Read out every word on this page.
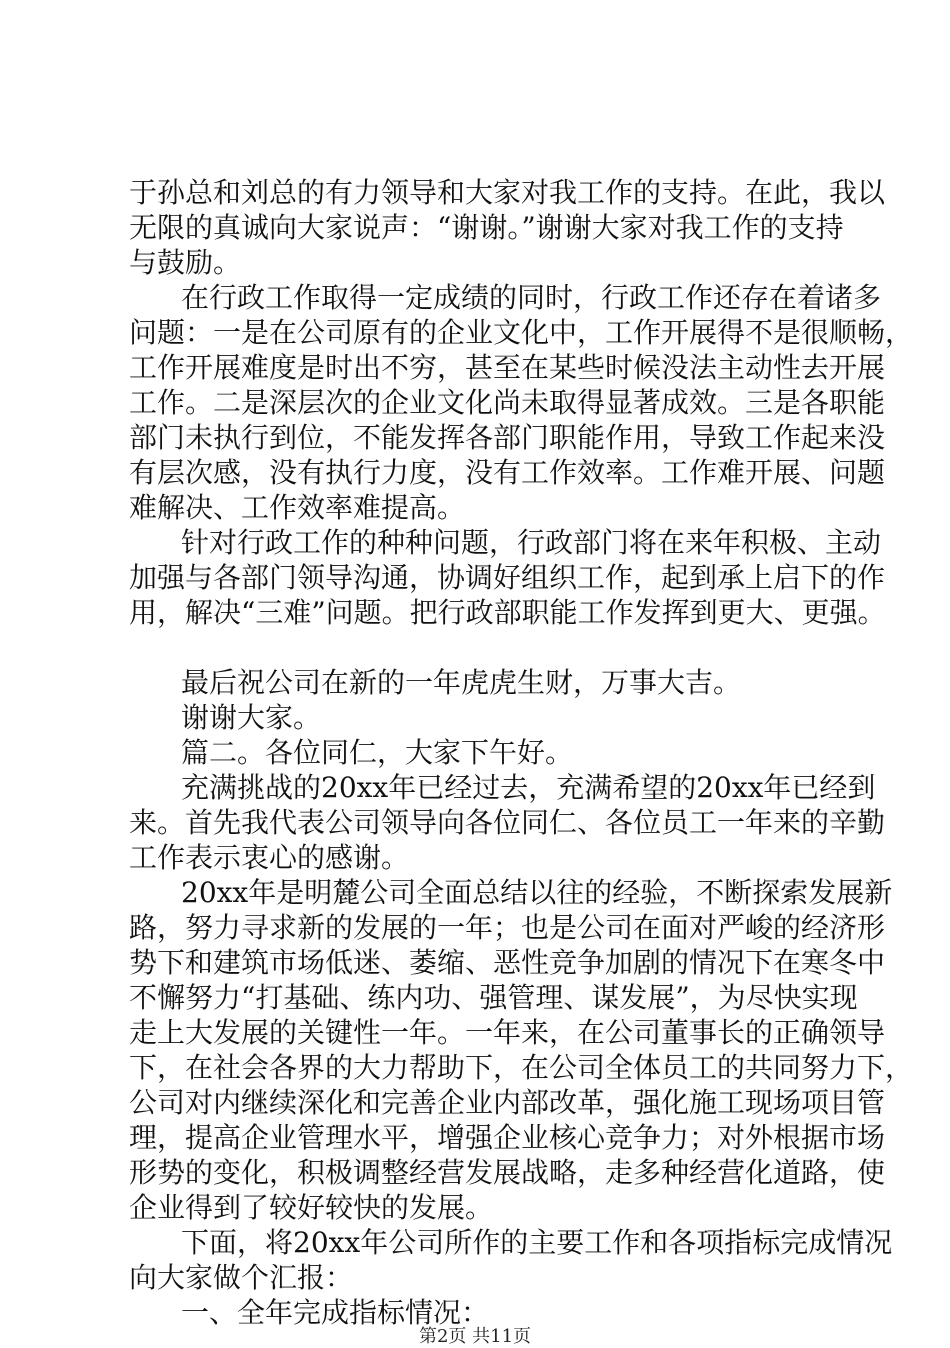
于孙总和刘总的有力领导和大家对我工作的支持。在此，我以

无限的真诚向大家说声：“谢谢。”谢谢大家对我工作的支持

与鼓励。

在行政工作取得一定成绩的同时，行政工作还存在着诸多

问题：一是在公司原有的企业文化中，工作开展得不是很顺畅，

工作开展难度是时出不穷，甚至在某些时候没法主动性去开展

工作。二是深层次的企业文化尚未取得显著成效。三是各职能

部门未执行到位，不能发挥各部门职能作用，导致工作起来没

有层次感，没有执行力度，没有工作效率。工作难开展、问题

难解决、工作效率难提高。

针对行政工作的种种问题，行政部门将在来年积极、主动

加强与各部门领导沟通，协调好组织工作，起到承上启下的作

用，解决“三难”问题。把行政部职能工作发挥到更大、更强。

最后祝公司在新的一年虎虎生财，万事大吉。

谢谢大家。

篇二。各位同仁，大家下午好。

充满挑战的20xx年已经过去，充满希望的20xx年已经到

来。首先我代表公司领导向各位同仁、各位员工一年来的辛勤

工作表示衷心的感谢。

20xx年是明麓公司全面总结以往的经验，不断探索发展新

路，努力寻求新的发展的一年；也是公司在面对严峻的经济形

势下和建筑市场低迷、萎缩、恶性竞争加剧的情况下在寒冬中

不懈努力“打基础、练内功、强管理、谋发展”，为尽快实现

走上大发展的关键性一年。一年来，在公司董事长的正确领导

下，在社会各界的大力帮助下，在公司全体员工的共同努力下，

公司对内继续深化和完善企业内部改革，强化施工现场项目管

理，提高企业管理水平，增强企业核心竞争力；对外根据市场

形势的变化，积极调整经营发展战略，走多种经营化道路，使

企业得到了较好较快的发展。

下面，将20xx年公司所作的主要工作和各项指标完成情况

向大家做个汇报：

一、全年完成指标情况：

第2页 共11页
